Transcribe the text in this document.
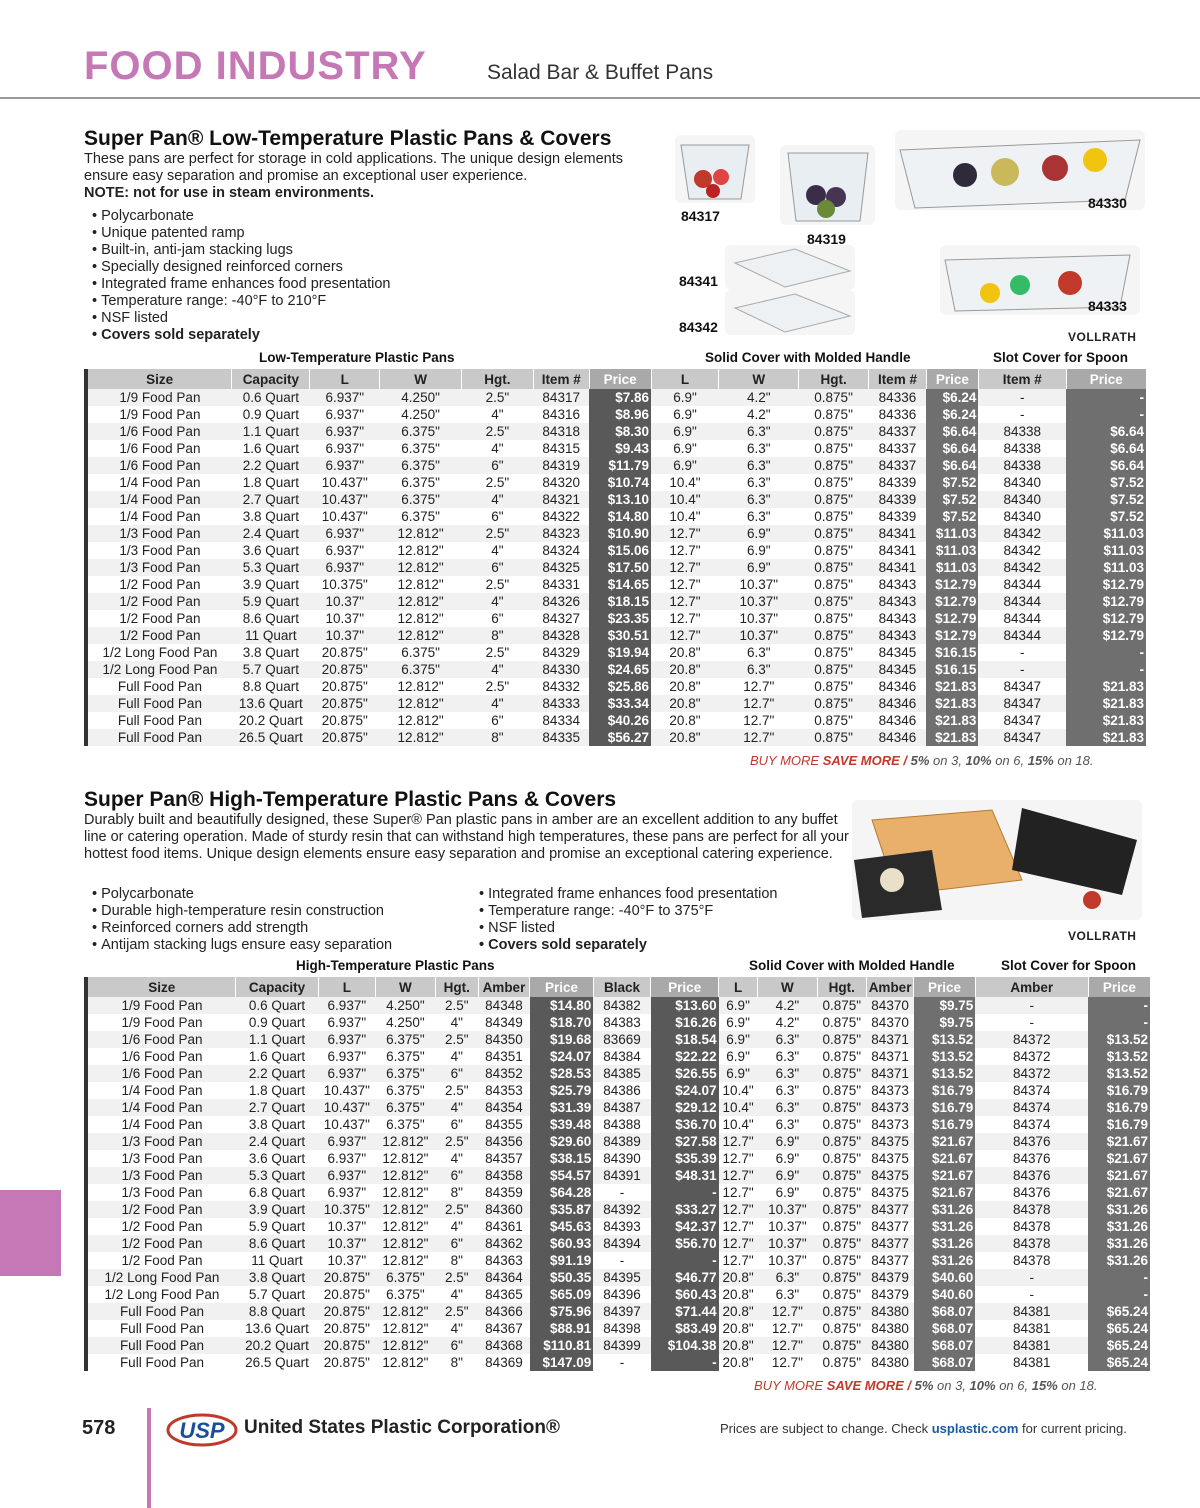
FOOD INDUSTRY	Salad Bar & Buffet Pans
Super Pan® Low-Temperature Plastic Pans & Covers
These pans are perfect for storage in cold applications. The unique design elements ensure easy separation and promise an exceptional user experience.
NOTE: not for use in steam environments.
• Polycarbonate
• Unique patented ramp
• Built-in, anti-jam stacking lugs
• Specially designed reinforced corners
• Integrated frame enhances food presentation
• Temperature range: -40°F to 210°F
• NSF listed
• Covers sold separately
84317
84319
84330
84341
84342
84333
VOLLRATH
Low-Temperature Plastic Pans	Solid Cover with Molded Handle	Slot Cover for Spoon
Size	Capacity	L	W	Hgt.	Item #	Price	L	W	Hgt.	Item #	Price	Item #	Price
1/9 Food Pan	0.6 Quart	6.937"	4.250"	2.5"	84317	$7.86	6.9"	4.2"	0.875"	84336	$6.24	-	-
1/9 Food Pan	0.9 Quart	6.937"	4.250"	4"	84316	$8.96	6.9"	4.2"	0.875"	84336	$6.24	-	-
1/6 Food Pan	1.1 Quart	6.937"	6.375"	2.5"	84318	$8.30	6.9"	6.3"	0.875"	84337	$6.64	84338	$6.64
1/6 Food Pan	1.6 Quart	6.937"	6.375"	4"	84315	$9.43	6.9"	6.3"	0.875"	84337	$6.64	84338	$6.64
1/6 Food Pan	2.2 Quart	6.937"	6.375"	6"	84319	$11.79	6.9"	6.3"	0.875"	84337	$6.64	84338	$6.64
1/4 Food Pan	1.8 Quart	10.437"	6.375"	2.5"	84320	$10.74	10.4"	6.3"	0.875"	84339	$7.52	84340	$7.52
1/4 Food Pan	2.7 Quart	10.437"	6.375"	4"	84321	$13.10	10.4"	6.3"	0.875"	84339	$7.52	84340	$7.52
1/4 Food Pan	3.8 Quart	10.437"	6.375"	6"	84322	$14.80	10.4"	6.3"	0.875"	84339	$7.52	84340	$7.52
1/3 Food Pan	2.4 Quart	6.937"	12.812"	2.5"	84323	$10.90	12.7"	6.9"	0.875"	84341	$11.03	84342	$11.03
1/3 Food Pan	3.6 Quart	6.937"	12.812"	4"	84324	$15.06	12.7"	6.9"	0.875"	84341	$11.03	84342	$11.03
1/3 Food Pan	5.3 Quart	6.937"	12.812"	6"	84325	$17.50	12.7"	6.9"	0.875"	84341	$11.03	84342	$11.03
1/2 Food Pan	3.9 Quart	10.375"	12.812"	2.5"	84331	$14.65	12.7"	10.37"	0.875"	84343	$12.79	84344	$12.79
1/2 Food Pan	5.9 Quart	10.37"	12.812"	4"	84326	$18.15	12.7"	10.37"	0.875"	84343	$12.79	84344	$12.79
1/2 Food Pan	8.6 Quart	10.37"	12.812"	6"	84327	$23.35	12.7"	10.37"	0.875"	84343	$12.79	84344	$12.79
1/2 Food Pan	11 Quart	10.37"	12.812"	8"	84328	$30.51	12.7"	10.37"	0.875"	84343	$12.79	84344	$12.79
1/2 Long Food Pan	3.8 Quart	20.875"	6.375"	2.5"	84329	$19.94	20.8"	6.3"	0.875"	84345	$16.15	-	-
1/2 Long Food Pan	5.7 Quart	20.875"	6.375"	4"	84330	$24.65	20.8"	6.3"	0.875"	84345	$16.15	-	-
Full Food Pan	8.8 Quart	20.875"	12.812"	2.5"	84332	$25.86	20.8"	12.7"	0.875"	84346	$21.83	84347	$21.83
Full Food Pan	13.6 Quart	20.875"	12.812"	4"	84333	$33.34	20.8"	12.7"	0.875"	84346	$21.83	84347	$21.83
Full Food Pan	20.2 Quart	20.875"	12.812"	6"	84334	$40.26	20.8"	12.7"	0.875"	84346	$21.83	84347	$21.83
Full Food Pan	26.5 Quart	20.875"	12.812"	8"	84335	$56.27	20.8"	12.7"	0.875"	84346	$21.83	84347	$21.83
BUY MORE SAVE MORE / 5% on 3, 10% on 6, 15% on 18.
Super Pan® High-Temperature Plastic Pans & Covers
Durably built and beautifully designed, these Super® Pan plastic pans in amber are an excellent addition to any buffet line or catering operation. Made of sturdy resin that can withstand high temperatures, these pans are perfect for all your hottest food items. Unique design elements ensure easy separation and promise an exceptional catering experience.
• Polycarbonate
• Durable high-temperature resin construction
• Reinforced corners add strength
• Antijam stacking lugs ensure easy separation
• Integrated frame enhances food presentation
• Temperature range: -40°F to 375°F
• NSF listed
• Covers sold separately
VOLLRATH
High-Temperature Plastic Pans	Solid Cover with Molded Handle	Slot Cover for Spoon
Size	Capacity	L	W	Hgt.	Amber	Price	Black	Price	L	W	Hgt.	Amber	Price	Amber	Price
1/9 Food Pan	0.6 Quart	6.937"	4.250"	2.5"	84348	$14.80	84382	$13.60	6.9"	4.2"	0.875"	84370	$9.75	-	-
1/9 Food Pan	0.9 Quart	6.937"	4.250"	4"	84349	$18.70	84383	$16.26	6.9"	4.2"	0.875"	84370	$9.75	-	-
1/6 Food Pan	1.1 Quart	6.937"	6.375"	2.5"	84350	$19.68	83669	$18.54	6.9"	6.3"	0.875"	84371	$13.52	84372	$13.52
1/6 Food Pan	1.6 Quart	6.937"	6.375"	4"	84351	$24.07	84384	$22.22	6.9"	6.3"	0.875"	84371	$13.52	84372	$13.52
1/6 Food Pan	2.2 Quart	6.937"	6.375"	6"	84352	$28.53	84385	$26.55	6.9"	6.3"	0.875"	84371	$13.52	84372	$13.52
1/4 Food Pan	1.8 Quart	10.437"	6.375"	2.5"	84353	$25.79	84386	$24.07	10.4"	6.3"	0.875"	84373	$16.79	84374	$16.79
1/4 Food Pan	2.7 Quart	10.437"	6.375"	4"	84354	$31.39	84387	$29.12	10.4"	6.3"	0.875"	84373	$16.79	84374	$16.79
1/4 Food Pan	3.8 Quart	10.437"	6.375"	6"	84355	$39.48	84388	$36.70	10.4"	6.3"	0.875"	84373	$16.79	84374	$16.79
1/3 Food Pan	2.4 Quart	6.937"	12.812"	2.5"	84356	$29.60	84389	$27.58	12.7"	6.9"	0.875"	84375	$21.67	84376	$21.67
1/3 Food Pan	3.6 Quart	6.937"	12.812"	4"	84357	$38.15	84390	$35.39	12.7"	6.9"	0.875"	84375	$21.67	84376	$21.67
1/3 Food Pan	5.3 Quart	6.937"	12.812"	6"	84358	$54.57	84391	$48.31	12.7"	6.9"	0.875"	84375	$21.67	84376	$21.67
1/3 Food Pan	6.8 Quart	6.937"	12.812"	8"	84359	$64.28	-	-	12.7"	6.9"	0.875"	84375	$21.67	84376	$21.67
1/2 Food Pan	3.9 Quart	10.375"	12.812"	2.5"	84360	$35.87	84392	$33.27	12.7"	10.37"	0.875"	84377	$31.26	84378	$31.26
1/2 Food Pan	5.9 Quart	10.37"	12.812"	4"	84361	$45.63	84393	$42.37	12.7"	10.37"	0.875"	84377	$31.26	84378	$31.26
1/2 Food Pan	8.6 Quart	10.37"	12.812"	6"	84362	$60.93	84394	$56.70	12.7"	10.37"	0.875"	84377	$31.26	84378	$31.26
1/2 Food Pan	11 Quart	10.37"	12.812"	8"	84363	$91.19	-	-	12.7"	10.37"	0.875"	84377	$31.26	84378	$31.26
1/2 Long Food Pan	3.8 Quart	20.875"	6.375"	2.5"	84364	$50.35	84395	$46.77	20.8"	6.3"	0.875"	84379	$40.60	-	-
1/2 Long Food Pan	5.7 Quart	20.875"	6.375"	4"	84365	$65.09	84396	$60.43	20.8"	6.3"	0.875"	84379	$40.60	-	-
Full Food Pan	8.8 Quart	20.875"	12.812"	2.5"	84366	$75.96	84397	$71.44	20.8"	12.7"	0.875"	84380	$68.07	84381	$65.24
Full Food Pan	13.6 Quart	20.875"	12.812"	4"	84367	$88.91	84398	$83.49	20.8"	12.7"	0.875"	84380	$68.07	84381	$65.24
Full Food Pan	20.2 Quart	20.875"	12.812"	6"	84368	$110.81	84399	$104.38	20.8"	12.7"	0.875"	84380	$68.07	84381	$65.24
Full Food Pan	26.5 Quart	20.875"	12.812"	8"	84369	$147.09	-	-	20.8"	12.7"	0.875"	84380	$68.07	84381	$65.24
BUY MORE SAVE MORE / 5% on 3, 10% on 6, 15% on 18.
578	USP United States Plastic Corporation®	Prices are subject to change. Check usplastic.com for current pricing.
